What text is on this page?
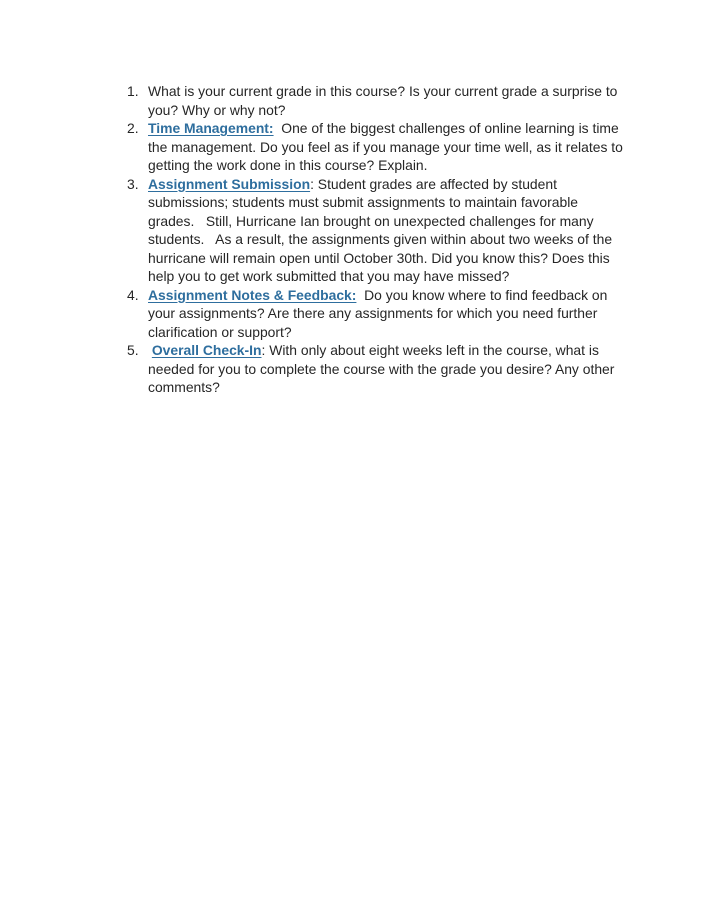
1. What is your current grade in this course? Is your current grade a surprise to you? Why or why not?
2. Time Management:  One of the biggest challenges of online learning is time the management. Do you feel as if you manage your time well, as it relates to getting the work done in this course? Explain.
3. Assignment Submission: Student grades are affected by student submissions; students must submit assignments to maintain favorable grades.   Still, Hurricane Ian brought on unexpected challenges for many students.   As a result, the assignments given within about two weeks of the hurricane will remain open until October 30th. Did you know this? Does this help you to get work submitted that you may have missed?
4. Assignment Notes & Feedback:  Do you know where to find feedback on your assignments? Are there any assignments for which you need further clarification or support?
5. Overall Check-In: With only about eight weeks left in the course, what is needed for you to complete the course with the grade you desire? Any other comments?
